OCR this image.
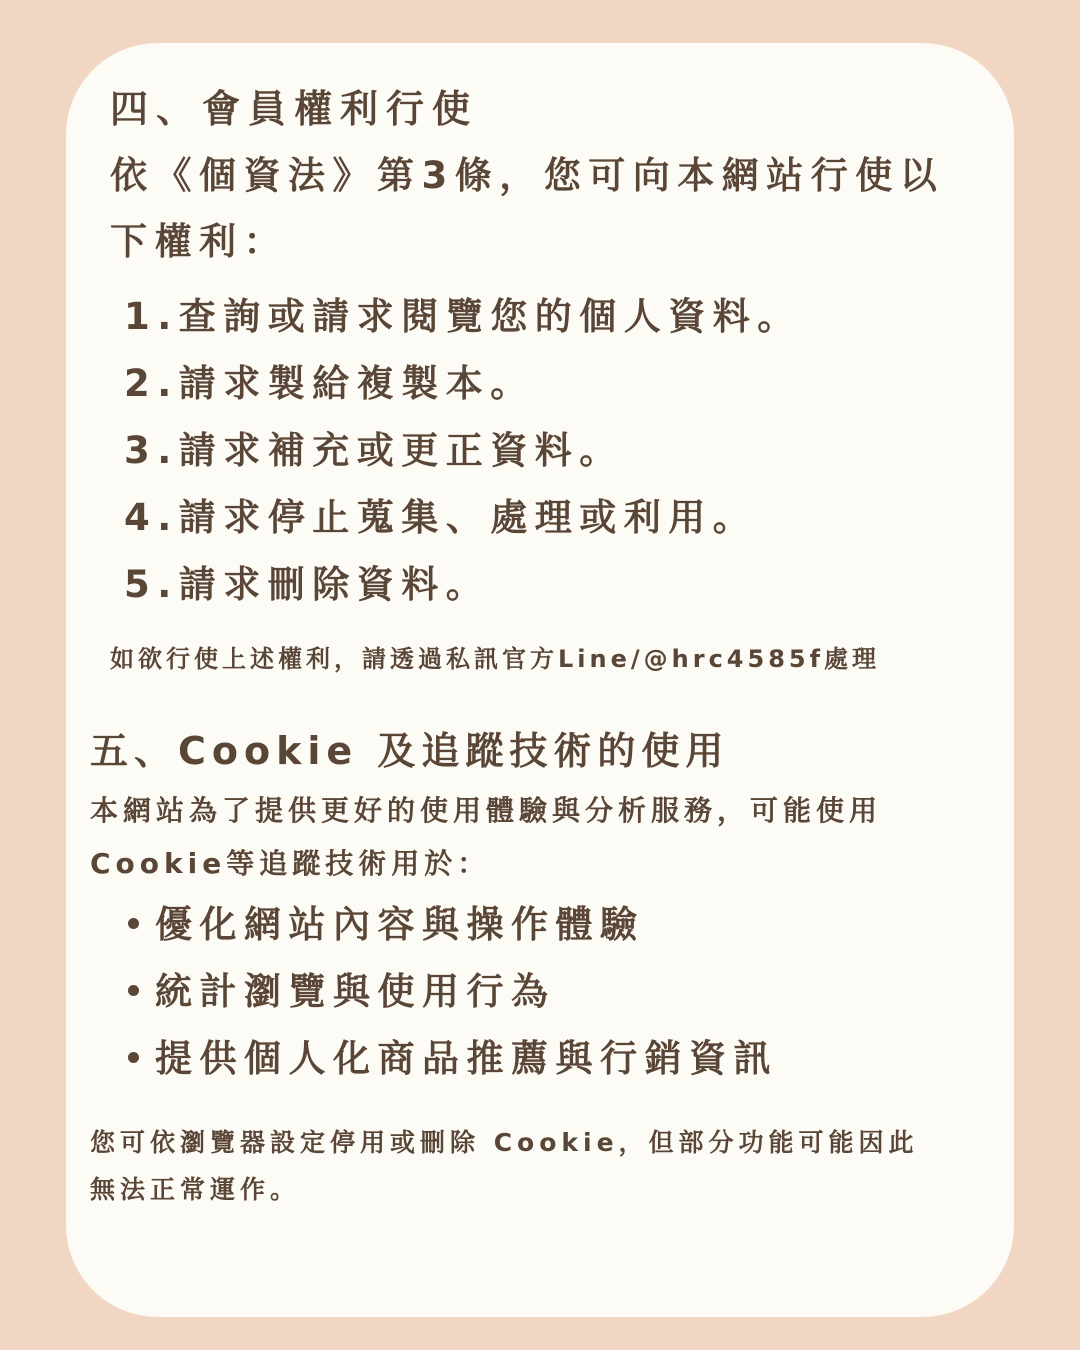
四、會員權利行使

依《個資法》第3條，您可向本網站行使以

下權利：

1.查詢或請求閱覽您的個人資料。
2.請求製給複製本。
3.請求補充或更正資料。
4.請求停止蒐集、處理或利用。
5.請求刪除資料。

如欲行使上述權利，請透過私訊官方Line/@hrc4585f處理

五、Cookie 及追蹤技術的使用

本網站為了提供更好的使用體驗與分析服務，可能使用

Cookie等追蹤技術用於：

優化網站內容與操作體驗
統計瀏覽與使用行為
提供個人化商品推薦與行銷資訊

您可依瀏覽器設定停用或刪除 Cookie，但部分功能可能因此

無法正常運作。
